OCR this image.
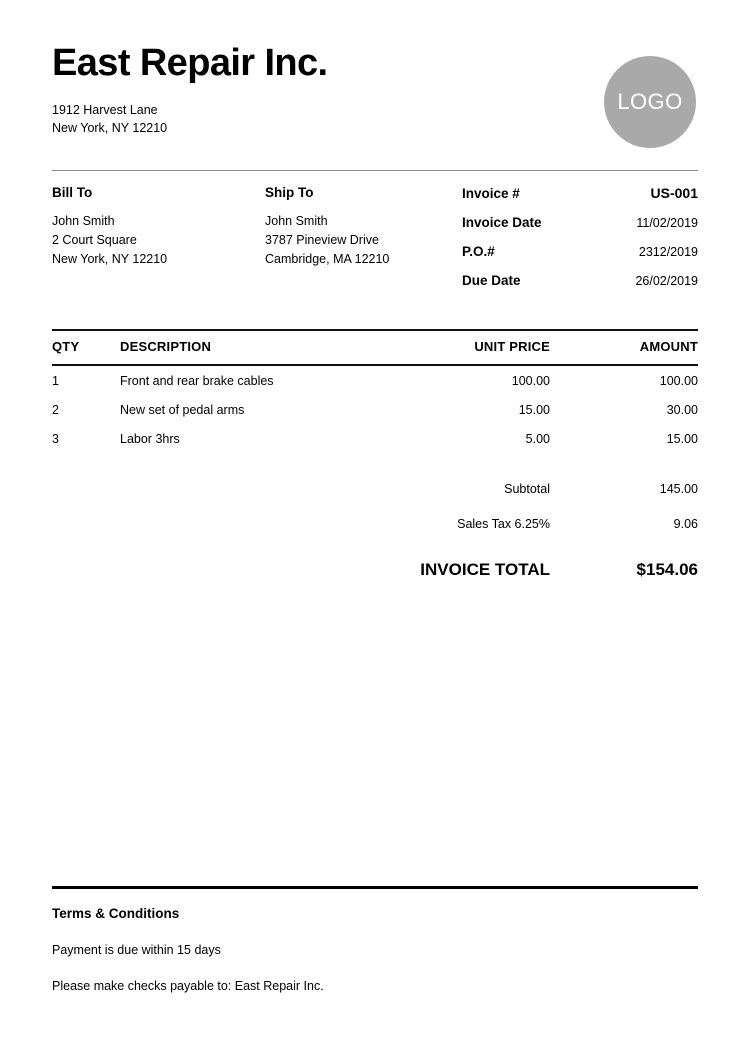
East Repair Inc.
1912 Harvest Lane
New York, NY 12210
LOGO
Bill To
John Smith
2 Court Square
New York, NY 12210
Ship To
John Smith
3787 Pineview Drive
Cambridge, MA 12210
Invoice #	US-001
Invoice Date	11/02/2019
P.O.#	2312/2019
Due Date	26/02/2019
QTY	DESCRIPTION	UNIT PRICE	AMOUNT
1	Front and rear brake cables	100.00	100.00
2	New set of pedal arms	15.00	30.00
3	Labor 3hrs	5.00	15.00
Subtotal	145.00
Sales Tax 6.25%	9.06
INVOICE TOTAL	$154.06
Terms & Conditions
Payment is due within 15 days
Please make checks payable to: East Repair Inc.
